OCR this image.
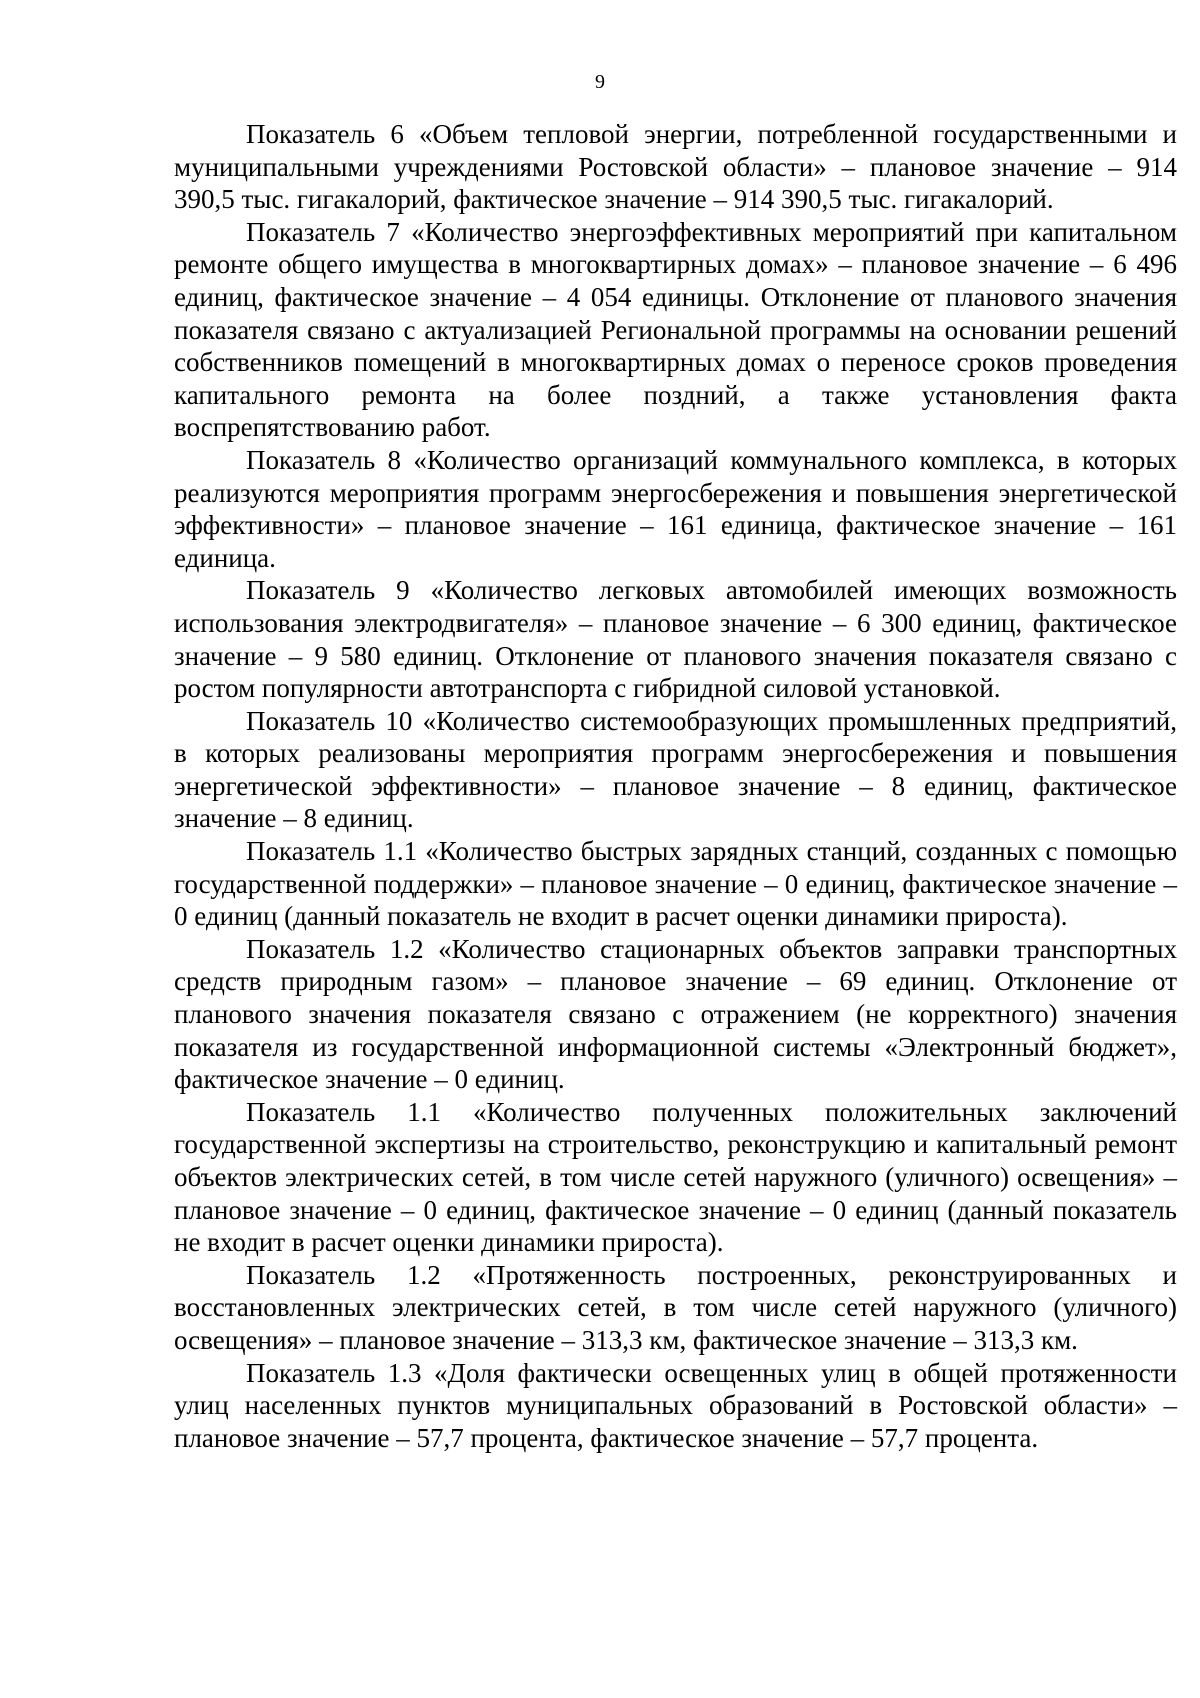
9

Показатель 6 «Объем тепловой энергии, потребленной государственными и муниципальными учреждениями Ростовской области» – плановое значение – 914 390,5 тыс. гигакалорий, фактическое значение – 914 390,5 тыс. гигакалорий.

Показатель 7 «Количество энергоэффективных мероприятий при капитальном ремонте общего имущества в многоквартирных домах» – плановое значение – 6 496 единиц, фактическое значение – 4 054 единицы. Отклонение от планового значения показателя связано с актуализацией Региональной программы на основании решений собственников помещений в многоквартирных домах о переносе сроков проведения капитального ремонта на более поздний, а также установления факта воспрепятствованию работ.

Показатель 8 «Количество организаций коммунального комплекса, в которых реализуются мероприятия программ энергосбережения и повышения энергетической эффективности» – плановое значение – 161 единица, фактическое значение – 161 единица.

Показатель 9 «Количество легковых автомобилей имеющих возможность использования электродвигателя» – плановое значение – 6 300 единиц, фактическое значение – 9 580 единиц. Отклонение от планового значения показателя связано с ростом популярности автотранспорта с гибридной силовой установкой.

Показатель 10 «Количество системообразующих промышленных предприятий, в которых реализованы мероприятия программ энергосбережения и повышения энергетической эффективности» – плановое значение – 8 единиц, фактическое значение – 8 единиц.

Показатель 1.1 «Количество быстрых зарядных станций, созданных с помощью государственной поддержки» – плановое значение – 0 единиц, фактическое значение – 0 единиц (данный показатель не входит в расчет оценки динамики прироста).

Показатель 1.2 «Количество стационарных объектов заправки транспортных средств природным газом» – плановое значение – 69 единиц. Отклонение от планового значения показателя связано с отражением (не корректного) значения показателя из государственной информационной системы «Электронный бюджет», фактическое значение – 0 единиц.

Показатель 1.1 «Количество полученных положительных заключений государственной экспертизы на строительство, реконструкцию и капитальный ремонт объектов электрических сетей, в том числе сетей наружного (уличного) освещения» – плановое значение – 0 единиц, фактическое значение – 0 единиц (данный показатель не входит в расчет оценки динамики прироста).

Показатель 1.2 «Протяженность построенных, реконструированных и восстановленных электрических сетей, в том числе сетей наружного (уличного) освещения» – плановое значение – 313,3 км, фактическое значение – 313,3 км.

Показатель 1.3 «Доля фактически освещенных улиц в общей протяженности улиц населенных пунктов муниципальных образований в Ростовской области» – плановое значение – 57,7 процента, фактическое значение – 57,7 процента.
